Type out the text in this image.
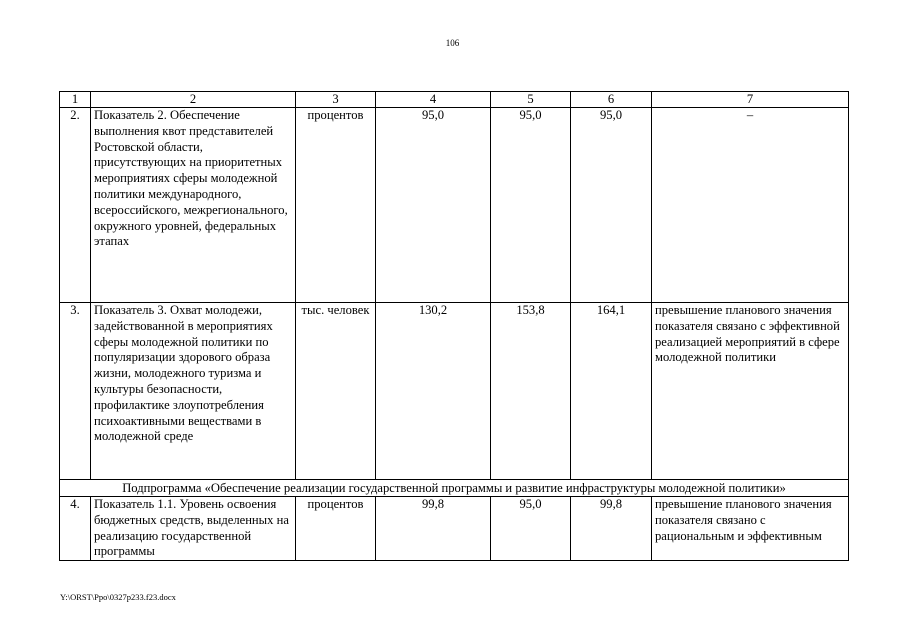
106
1	2	3	4	5	6	7
2.	Показатель 2. Обеспечение выполнения квот представителей Ростовской области, присутствующих на приоритетных мероприятиях сферы молодежной политики международного, всероссийского, межрегионального, окружного уровней, федеральных этапах	процентов	95,0	95,0	95,0	–
3.	Показатель 3. Охват молодежи, задействованной в мероприятиях сферы молодежной политики по популяризации здорового образа жизни, молодежного туризма и культуры безопасности, профилактике злоупотребления психоактивными веществами в молодежной среде	тыс. человек	130,2	153,8	164,1	превышение планового значения показателя связано с эффективной реализацией мероприятий в сфере молодежной политики
Подпрограмма «Обеспечение реализации государственной программы и развитие инфраструктуры молодежной политики»						
4.	Показатель 1.1. Уровень освоения бюджетных средств, выделенных на реализацию государственной программы	процентов	99,8	95,0	99,8	превышение планового значения показателя связано с рациональным и эффективным
Y:\ORST\Ppo\0327p233.f23.docx
